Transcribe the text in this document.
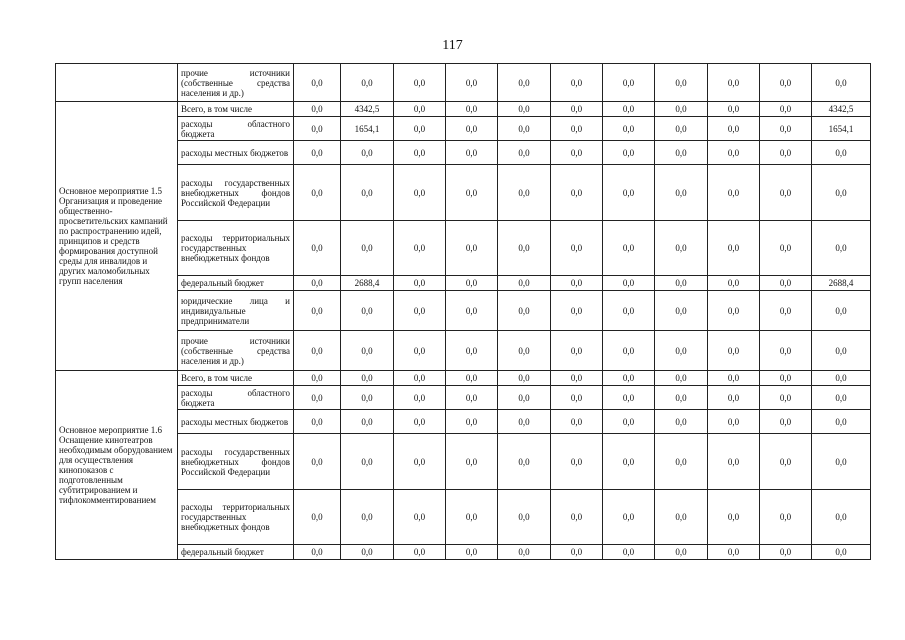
117
	прочие источники (собственные средства населения и др.)	0,0	0,0	0,0	0,0	0,0	0,0	0,0	0,0	0,0	0,0	0,0
Основное мероприятие 1.5 Организация и проведение общественно-просветительских кампаний по распространению идей, принципов и средств формирования доступной среды для инвалидов и других маломобильных групп населения	Всего, в том числе	0,0	4342,5	0,0	0,0	0,0	0,0	0,0	0,0	0,0	0,0	4342,5
	расходы областного бюджета	0,0	1654,1	0,0	0,0	0,0	0,0	0,0	0,0	0,0	0,0	1654,1
	расходы местных бюджетов	0,0	0,0	0,0	0,0	0,0	0,0	0,0	0,0	0,0	0,0	0,0
	расходы государственных внебюджетных фондов Российской Федерации	0,0	0,0	0,0	0,0	0,0	0,0	0,0	0,0	0,0	0,0	0,0
	расходы территориальных государственных внебюджетных фондов	0,0	0,0	0,0	0,0	0,0	0,0	0,0	0,0	0,0	0,0	0,0
	федеральный бюджет	0,0	2688,4	0,0	0,0	0,0	0,0	0,0	0,0	0,0	0,0	2688,4
	юридические лица и индивидуальные предприниматели	0,0	0,0	0,0	0,0	0,0	0,0	0,0	0,0	0,0	0,0	0,0
	прочие источники (собственные средства населения и др.)	0,0	0,0	0,0	0,0	0,0	0,0	0,0	0,0	0,0	0,0	0,0
Основное мероприятие 1.6 Оснащение кинотеатров необходимым оборудованием для осуществления кинопоказов с подготовленным субтитрированием и тифлокомментированием	Всего, в том числе	0,0	0,0	0,0	0,0	0,0	0,0	0,0	0,0	0,0	0,0	0,0
	расходы областного бюджета	0,0	0,0	0,0	0,0	0,0	0,0	0,0	0,0	0,0	0,0	0,0
	расходы местных бюджетов	0,0	0,0	0,0	0,0	0,0	0,0	0,0	0,0	0,0	0,0	0,0
	расходы государственных внебюджетных фондов Российской Федерации	0,0	0,0	0,0	0,0	0,0	0,0	0,0	0,0	0,0	0,0	0,0
	расходы территориальных государственных внебюджетных фондов	0,0	0,0	0,0	0,0	0,0	0,0	0,0	0,0	0,0	0,0	0,0
	федеральный бюджет	0,0	0,0	0,0	0,0	0,0	0,0	0,0	0,0	0,0	0,0	0,0
